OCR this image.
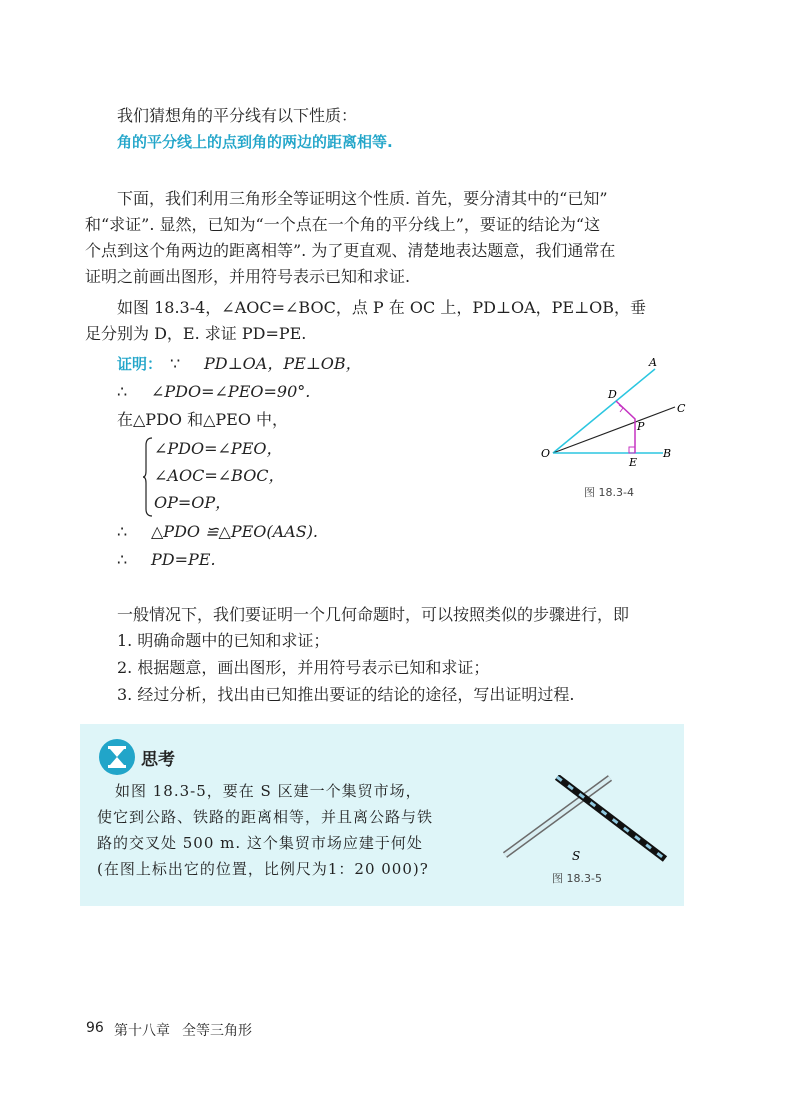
我们猜想角的平分线有以下性质：
角的平分线上的点到角的两边的距离相等.
下面，我们利用三角形全等证明这个性质. 首先，要分清其中的“已知”
和“求证”. 显然，已知为“一个点在一个角的平分线上”，要证的结论为“这
个点到这个角两边的距离相等”. 为了更直观、清楚地表达题意，我们通常在
证明之前画出图形，并用符号表示已知和求证.
如图 18.3-4，∠AOC=∠BOC，点 P 在 OC 上，PD⊥OA，PE⊥OB，垂
足分别为 D，E. 求证 PD=PE.
证明： ∵ PD⊥OA，PE⊥OB，
∴ ∠PDO=∠PEO=90°.
在△PDO 和△PEO 中，
∠PDO=∠PEO，
∠AOC=∠BOC，
OP=OP，
∴ △PDO ≌△PEO(AAS).
∴ PD=PE.
A
C
B
D
P
O
E
图 18.3-4
一般情况下，我们要证明一个几何命题时，可以按照类似的步骤进行，即
1. 明确命题中的已知和求证；
2. 根据题意，画出图形，并用符号表示已知和求证；
3. 经过分析，找出由已知推出要证的结论的途径，写出证明过程.
思考
如图 18.3-5，要在 S 区建一个集贸市场，
使它到公路、铁路的距离相等，并且离公路与铁
路的交叉处 500 m. 这个集贸市场应建于何处
(在图上标出它的位置，比例尺为1：20 000)?
S
图 18.3-5
96 第十八章 全等三角形
